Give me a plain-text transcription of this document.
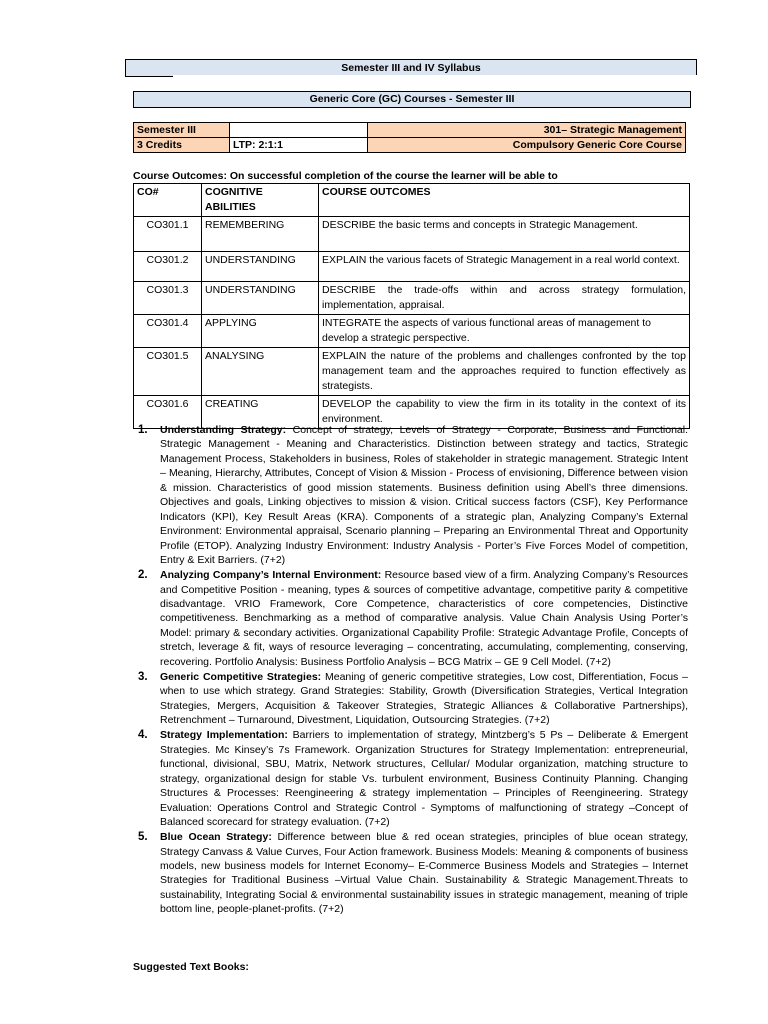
Semester III and IV Syllabus
Generic Core (GC) Courses - Semester III
Semester III		301– Strategic Management
3 Credits	LTP: 2:1:1	Compulsory Generic Core Course
Course Outcomes: On successful completion of the course the learner will be able to
CO#	COGNITIVE ABILITIES	COURSE OUTCOMES
CO301.1	REMEMBERING	DESCRIBE the basic terms and concepts in Strategic Management.
CO301.2	UNDERSTANDING	EXPLAIN the various facets of Strategic Management in a real world context.
CO301.3	UNDERSTANDING	DESCRIBE the trade-offs within and across strategy formulation, implementation, appraisal.
CO301.4	APPLYING	INTEGRATE the aspects of various functional areas of management to develop a strategic perspective.
CO301.5	ANALYSING	EXPLAIN the nature of the problems and challenges confronted by the top management team and the approaches required to function effectively as strategists.
CO301.6	CREATING	DEVELOP the capability to view the firm in its totality in the context of its environment.
1. Understanding Strategy: Concept of strategy, Levels of Strategy - Corporate, Business and Functional. Strategic Management - Meaning and Characteristics. Distinction between strategy and tactics, Strategic Management Process, Stakeholders in business, Roles of stakeholder in strategic management. Strategic Intent – Meaning, Hierarchy, Attributes, Concept of Vision & Mission - Process of envisioning, Difference between vision & mission. Characteristics of good mission statements. Business definition using Abell’s three dimensions. Objectives and goals, Linking objectives to mission & vision. Critical success factors (CSF), Key Performance Indicators (KPI), Key Result Areas (KRA). Components of a strategic plan, Analyzing Company’s External Environment: Environmental appraisal, Scenario planning – Preparing an Environmental Threat and Opportunity Profile (ETOP). Analyzing Industry Environment: Industry Analysis - Porter’s Five Forces Model of competition, Entry & Exit Barriers. (7+2)
2. Analyzing Company’s Internal Environment: Resource based view of a firm. Analyzing Company’s Resources and Competitive Position - meaning, types & sources of competitive advantage, competitive parity & competitive disadvantage. VRIO Framework, Core Competence, characteristics of core competencies, Distinctive competitiveness. Benchmarking as a method of comparative analysis. Value Chain Analysis Using Porter’s Model: primary & secondary activities. Organizational Capability Profile: Strategic Advantage Profile, Concepts of stretch, leverage & fit, ways of resource leveraging – concentrating, accumulating, complementing, conserving, recovering. Portfolio Analysis: Business Portfolio Analysis – BCG Matrix – GE 9 Cell Model. (7+2)
3. Generic Competitive Strategies: Meaning of generic competitive strategies, Low cost, Differentiation, Focus – when to use which strategy. Grand Strategies: Stability, Growth (Diversification Strategies, Vertical Integration Strategies, Mergers, Acquisition & Takeover Strategies, Strategic Alliances & Collaborative Partnerships), Retrenchment – Turnaround, Divestment, Liquidation, Outsourcing Strategies. (7+2)
4. Strategy Implementation: Barriers to implementation of strategy, Mintzberg’s 5 Ps – Deliberate & Emergent Strategies. Mc Kinsey’s 7s Framework. Organization Structures for Strategy Implementation: entrepreneurial, functional, divisional, SBU, Matrix, Network structures, Cellular/ Modular organization, matching structure to strategy, organizational design for stable Vs. turbulent environment, Business Continuity Planning. Changing Structures & Processes: Reengineering & strategy implementation – Principles of Reengineering. Strategy Evaluation: Operations Control and Strategic Control - Symptoms of malfunctioning of strategy –Concept of Balanced scorecard for strategy evaluation. (7+2)
5. Blue Ocean Strategy: Difference between blue & red ocean strategies, principles of blue ocean strategy, Strategy Canvass & Value Curves, Four Action framework. Business Models: Meaning & components of business models, new business models for Internet Economy– E-Commerce Business Models and Strategies – Internet Strategies for Traditional Business –Virtual Value Chain. Sustainability & Strategic Management.Threats to sustainability, Integrating Social & environmental sustainability issues in strategic management, meaning of triple bottom line, people-planet-profits. (7+2)
Suggested Text Books:
